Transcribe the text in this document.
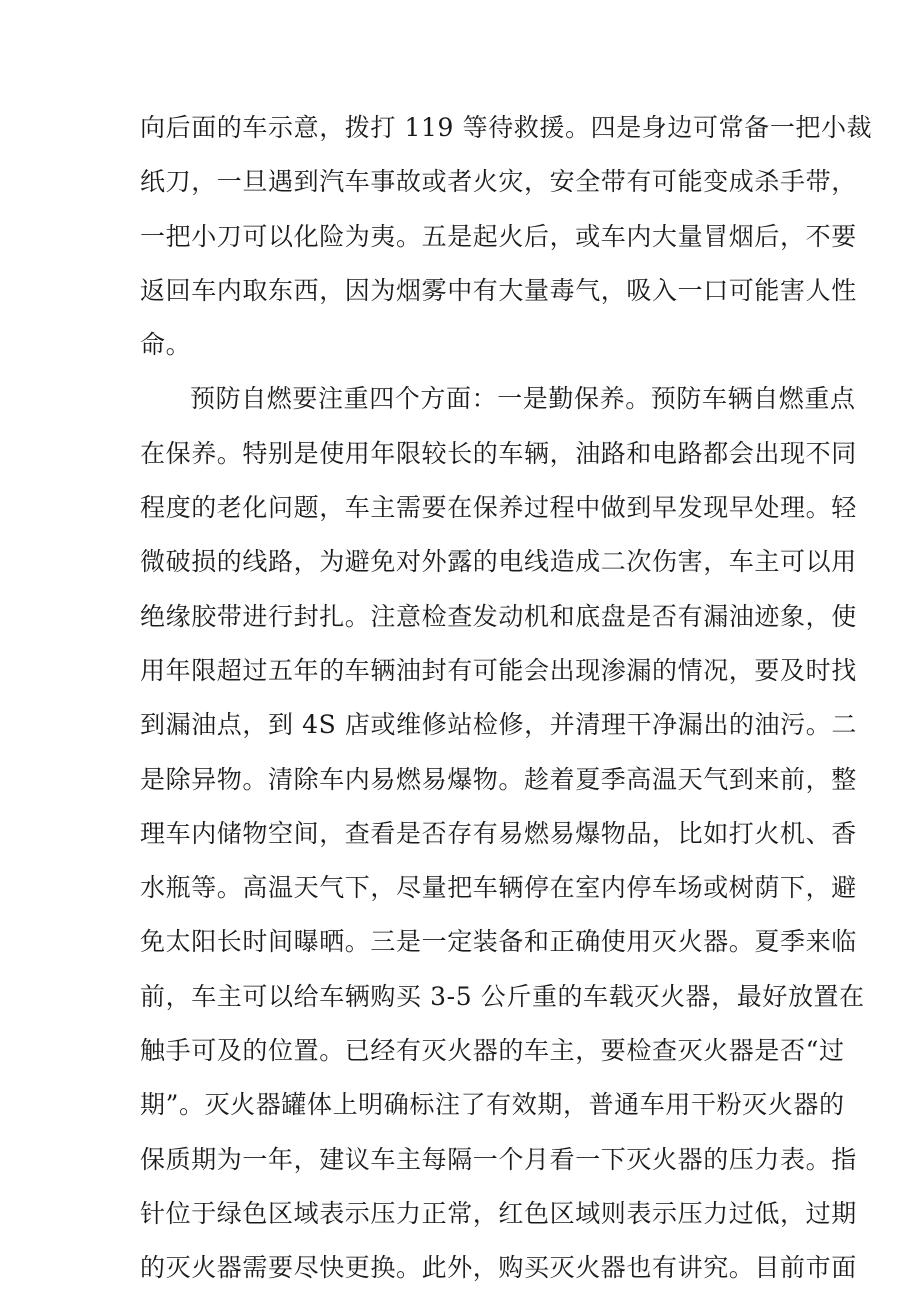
向后面的车示意，拨打 119 等待救援。四是身边可常备一把小裁
纸刀，一旦遇到汽车事故或者火灾，安全带有可能变成杀手带，
一把小刀可以化险为夷。五是起火后，或车内大量冒烟后，不要
返回车内取东西，因为烟雾中有大量毒气，吸入一口可能害人性
命。
预防自燃要注重四个方面：一是勤保养。预防车辆自燃重点
在保养。特别是使用年限较长的车辆，油路和电路都会出现不同
程度的老化问题，车主需要在保养过程中做到早发现早处理。轻
微破损的线路，为避免对外露的电线造成二次伤害，车主可以用
绝缘胶带进行封扎。注意检查发动机和底盘是否有漏油迹象，使
用年限超过五年的车辆油封有可能会出现渗漏的情况，要及时找
到漏油点，到 4S 店或维修站检修，并清理干净漏出的油污。二
是除异物。清除车内易燃易爆物。趁着夏季高温天气到来前，整
理车内储物空间，查看是否存有易燃易爆物品，比如打火机、香
水瓶等。高温天气下，尽量把车辆停在室内停车场或树荫下，避
免太阳长时间曝晒。三是一定装备和正确使用灭火器。夏季来临
前，车主可以给车辆购买 3-5 公斤重的车载灭火器，最好放置在
触手可及的位置。已经有灭火器的车主，要检查灭火器是否“过
期”。灭火器罐体上明确标注了有效期，普通车用干粉灭火器的
保质期为一年，建议车主每隔一个月看一下灭火器的压力表。指
针位于绿色区域表示压力正常，红色区域则表示压力过低，过期
的灭火器需要尽快更换。此外，购买灭火器也有讲究。目前市面
